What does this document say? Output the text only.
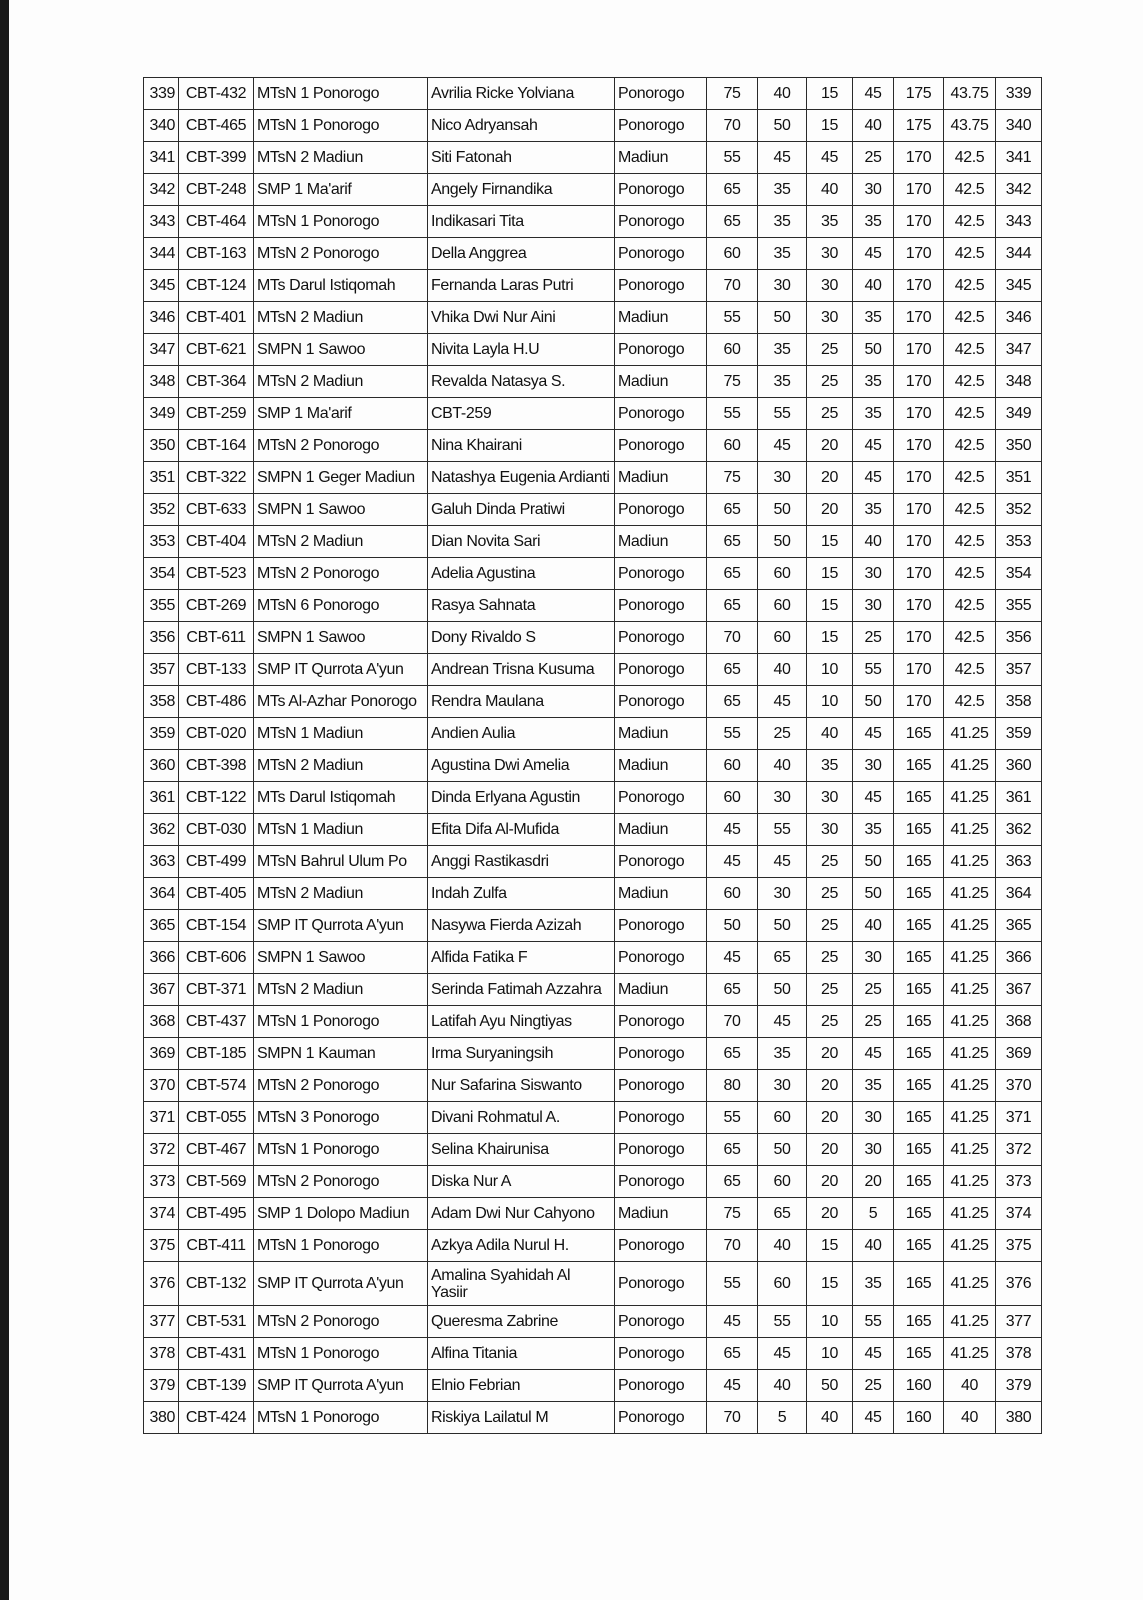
339	CBT-432	MTsN 1 Ponorogo	Avrilia Ricke Yolviana	Ponorogo	75	40	15	45	175	43.75	339
340	CBT-465	MTsN 1 Ponorogo	Nico Adryansah	Ponorogo	70	50	15	40	175	43.75	340
341	CBT-399	MTsN 2 Madiun	Siti Fatonah	Madiun	55	45	45	25	170	42.5	341
342	CBT-248	SMP 1 Ma'arif	Angely Firnandika	Ponorogo	65	35	40	30	170	42.5	342
343	CBT-464	MTsN 1 Ponorogo	Indikasari Tita	Ponorogo	65	35	35	35	170	42.5	343
344	CBT-163	MTsN 2 Ponorogo	Della Anggrea	Ponorogo	60	35	30	45	170	42.5	344
345	CBT-124	MTs Darul Istiqomah	Fernanda Laras Putri	Ponorogo	70	30	30	40	170	42.5	345
346	CBT-401	MTsN 2 Madiun	Vhika Dwi Nur Aini	Madiun	55	50	30	35	170	42.5	346
347	CBT-621	SMPN 1 Sawoo	Nivita Layla H.U	Ponorogo	60	35	25	50	170	42.5	347
348	CBT-364	MTsN 2 Madiun	Revalda Natasya S.	Madiun	75	35	25	35	170	42.5	348
349	CBT-259	SMP 1 Ma'arif	CBT-259	Ponorogo	55	55	25	35	170	42.5	349
350	CBT-164	MTsN 2 Ponorogo	Nina Khairani	Ponorogo	60	45	20	45	170	42.5	350
351	CBT-322	SMPN 1 Geger Madiun	Natashya Eugenia Ardianti	Madiun	75	30	20	45	170	42.5	351
352	CBT-633	SMPN 1 Sawoo	Galuh Dinda Pratiwi	Ponorogo	65	50	20	35	170	42.5	352
353	CBT-404	MTsN 2 Madiun	Dian Novita Sari	Madiun	65	50	15	40	170	42.5	353
354	CBT-523	MTsN 2 Ponorogo	Adelia Agustina	Ponorogo	65	60	15	30	170	42.5	354
355	CBT-269	MTsN 6 Ponorogo	Rasya Sahnata	Ponorogo	65	60	15	30	170	42.5	355
356	CBT-611	SMPN 1 Sawoo	Dony Rivaldo S	Ponorogo	70	60	15	25	170	42.5	356
357	CBT-133	SMP IT Qurrota A'yun	Andrean Trisna Kusuma	Ponorogo	65	40	10	55	170	42.5	357
358	CBT-486	MTs Al-Azhar Ponorogo	Rendra Maulana	Ponorogo	65	45	10	50	170	42.5	358
359	CBT-020	MTsN 1 Madiun	Andien Aulia	Madiun	55	25	40	45	165	41.25	359
360	CBT-398	MTsN 2 Madiun	Agustina Dwi Amelia	Madiun	60	40	35	30	165	41.25	360
361	CBT-122	MTs Darul Istiqomah	Dinda Erlyana Agustin	Ponorogo	60	30	30	45	165	41.25	361
362	CBT-030	MTsN 1 Madiun	Efita Difa Al-Mufida	Madiun	45	55	30	35	165	41.25	362
363	CBT-499	MTsN Bahrul Ulum Po	Anggi Rastikasdri	Ponorogo	45	45	25	50	165	41.25	363
364	CBT-405	MTsN 2 Madiun	Indah Zulfa	Madiun	60	30	25	50	165	41.25	364
365	CBT-154	SMP IT Qurrota A'yun	Nasywa Fierda Azizah	Ponorogo	50	50	25	40	165	41.25	365
366	CBT-606	SMPN 1 Sawoo	Alfida Fatika F	Ponorogo	45	65	25	30	165	41.25	366
367	CBT-371	MTsN 2 Madiun	Serinda Fatimah Azzahra	Madiun	65	50	25	25	165	41.25	367
368	CBT-437	MTsN 1 Ponorogo	Latifah Ayu Ningtiyas	Ponorogo	70	45	25	25	165	41.25	368
369	CBT-185	SMPN 1 Kauman	Irma Suryaningsih	Ponorogo	65	35	20	45	165	41.25	369
370	CBT-574	MTsN 2 Ponorogo	Nur Safarina Siswanto	Ponorogo	80	30	20	35	165	41.25	370
371	CBT-055	MTsN 3 Ponorogo	Divani Rohmatul A.	Ponorogo	55	60	20	30	165	41.25	371
372	CBT-467	MTsN 1 Ponorogo	Selina Khairunisa	Ponorogo	65	50	20	30	165	41.25	372
373	CBT-569	MTsN 2 Ponorogo	Diska Nur A	Ponorogo	65	60	20	20	165	41.25	373
374	CBT-495	SMP 1 Dolopo Madiun	Adam Dwi Nur Cahyono	Madiun	75	65	20	5	165	41.25	374
375	CBT-411	MTsN 1 Ponorogo	Azkya Adila Nurul H.	Ponorogo	70	40	15	40	165	41.25	375
376	CBT-132	SMP IT Qurrota A'yun	Amalina Syahidah Al Yasiir	Ponorogo	55	60	15	35	165	41.25	376
377	CBT-531	MTsN 2 Ponorogo	Queresma Zabrine	Ponorogo	45	55	10	55	165	41.25	377
378	CBT-431	MTsN 1 Ponorogo	Alfina Titania	Ponorogo	65	45	10	45	165	41.25	378
379	CBT-139	SMP IT Qurrota A'yun	Elnio Febrian	Ponorogo	45	40	50	25	160	40	379
380	CBT-424	MTsN 1 Ponorogo	Riskiya Lailatul M	Ponorogo	70	5	40	45	160	40	380
